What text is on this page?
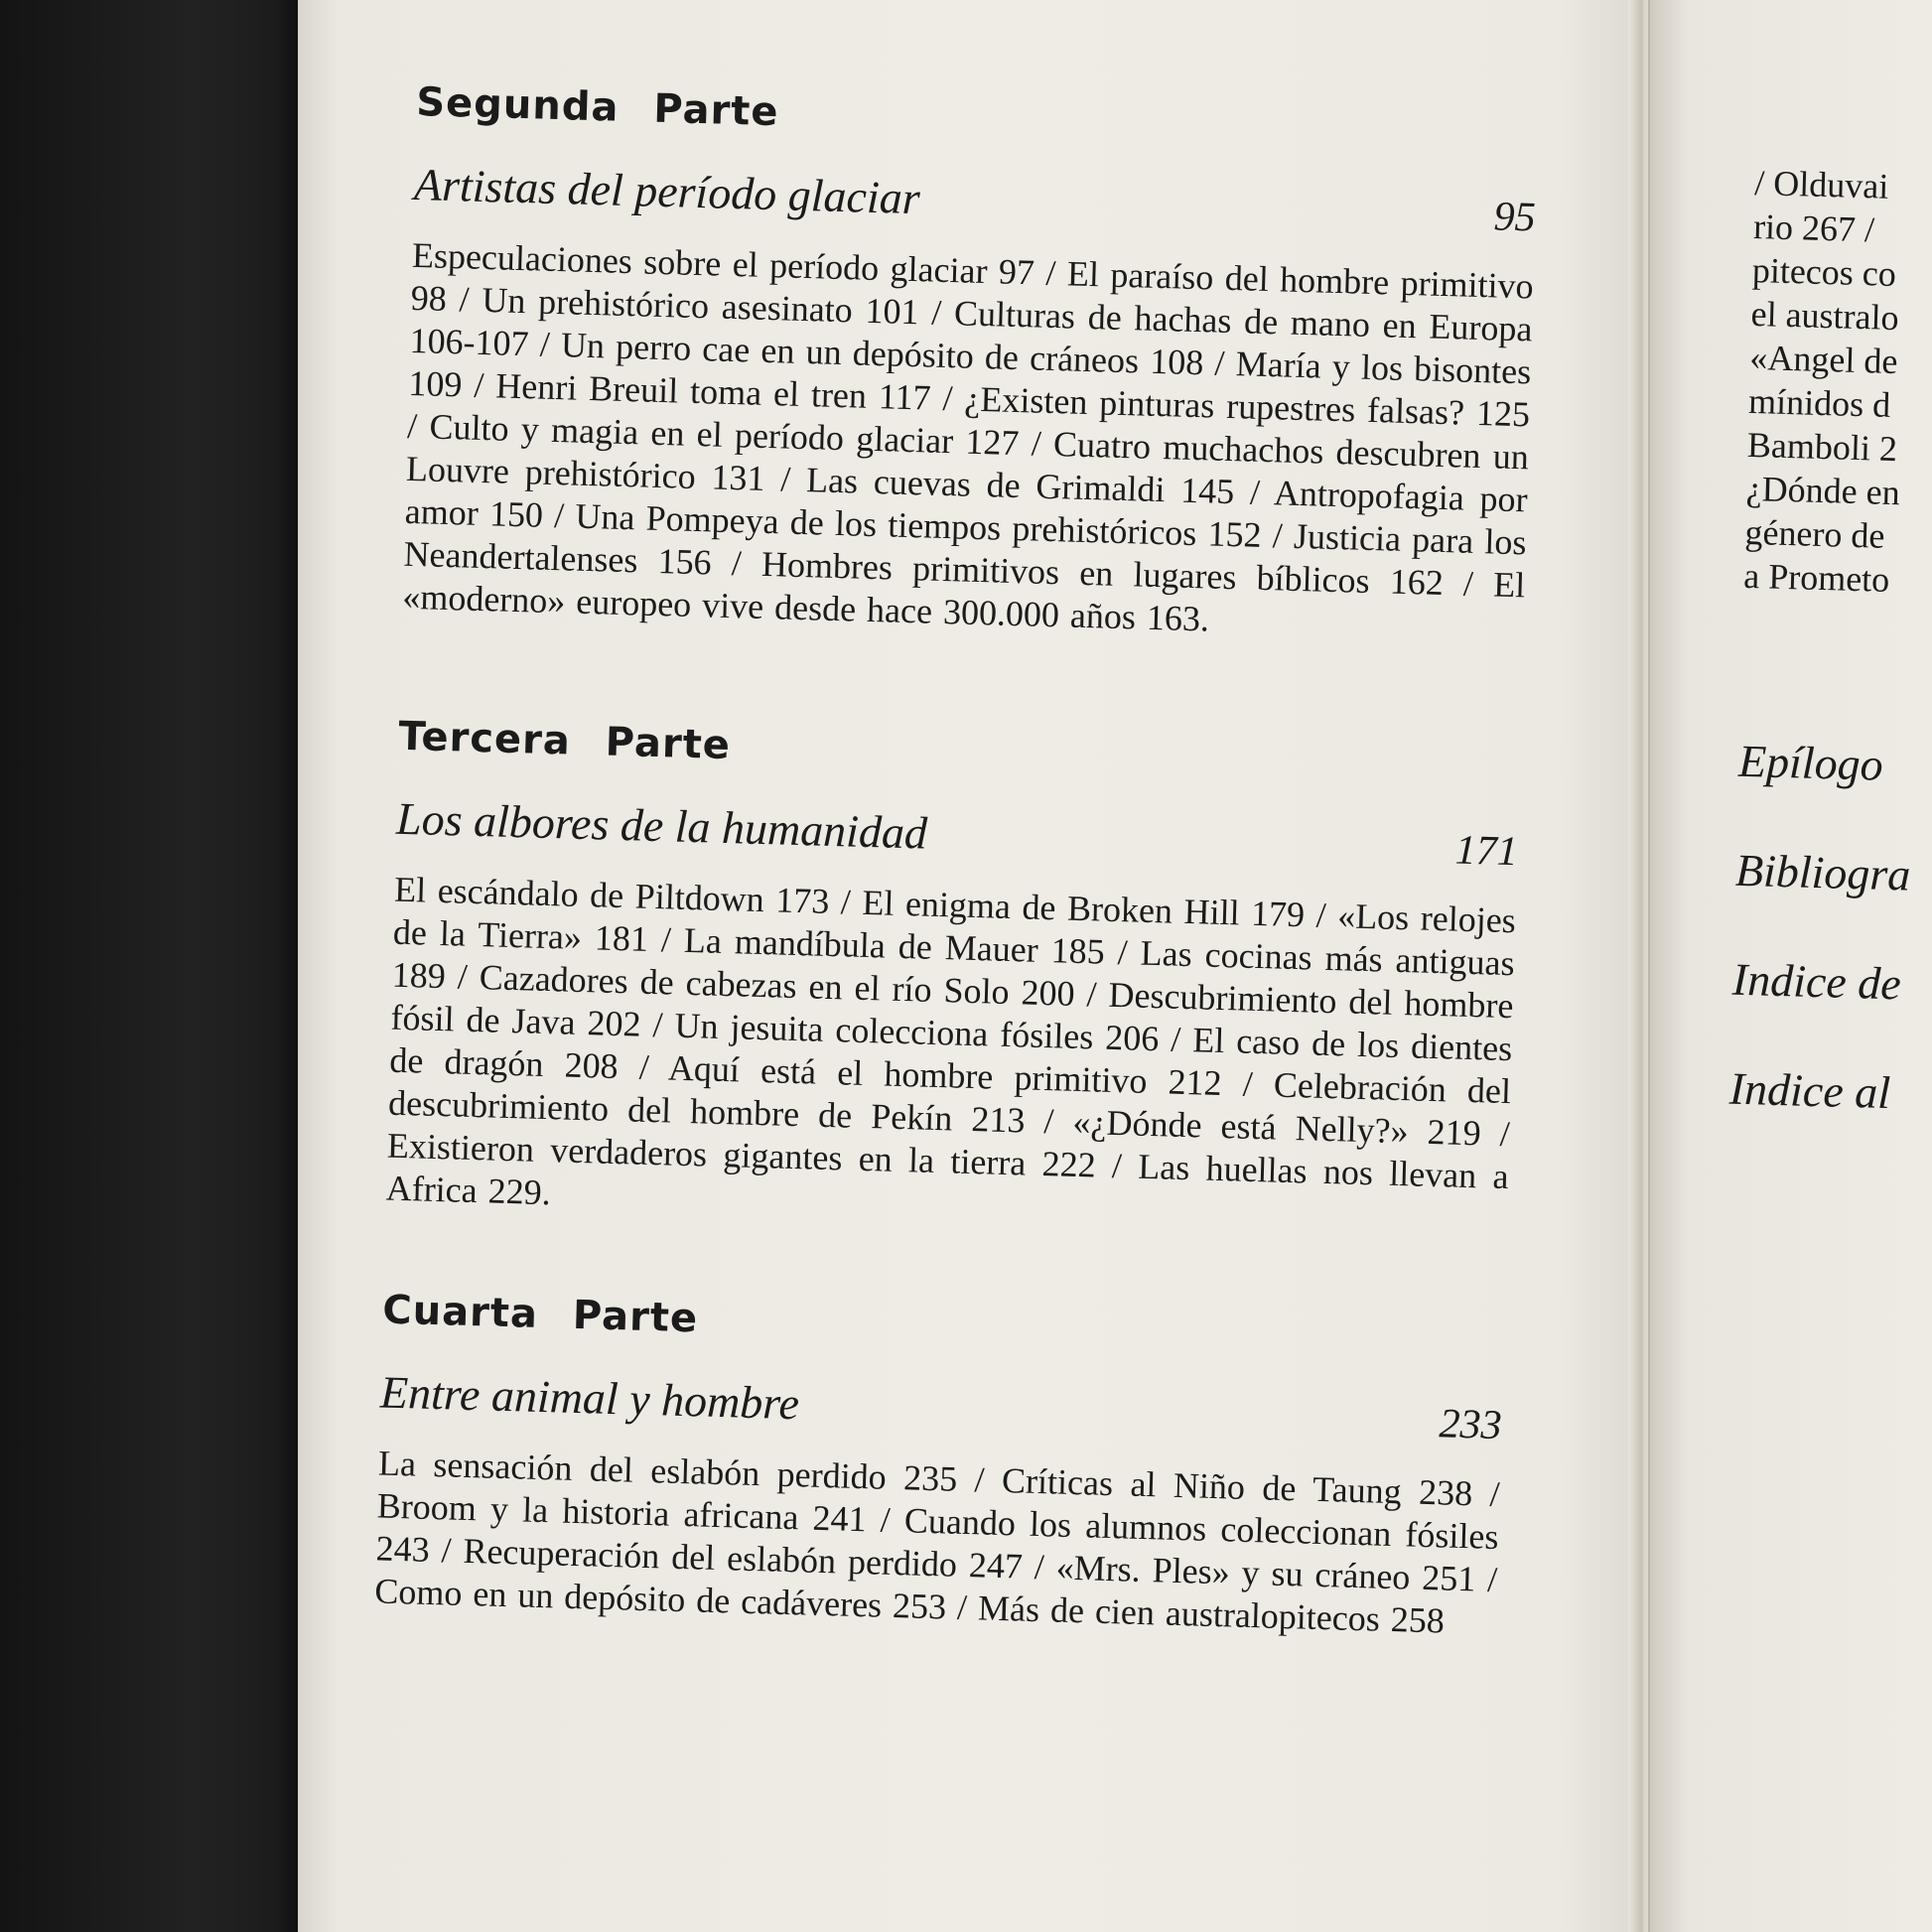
Segunda Parte

Artistas del período glaciar	95
Especulaciones sobre el período glaciar 97 / El paraíso del hombre primitivo 98 / Un prehistórico asesinato 101 / Culturas de hachas de mano en Europa 106-107 / Un perro cae en un depósito de cráneos 108 / María y los bisontes 109 / Henri Breuil toma el tren 117 / ¿Existen pinturas rupestres falsas? 125 / Culto y magia en el período glaciar 127 / Cuatro muchachos descubren un Louvre prehistórico 131 / Las cuevas de Grimaldi 145 / Antropofagia por amor 150 / Una Pompeya de los tiempos prehistóricos 152 / Justicia para los Neandertalenses 156 / Hombres primitivos en lugares bíblicos 162 / El «moderno» europeo vive desde hace 300.000 años 163.
Tercera Parte

Los albores de la humanidad	171
El escándalo de Piltdown 173 / El enigma de Broken Hill 179 / «Los relojes de la Tierra» 181 / La mandíbula de Mauer 185 / Las cocinas más antiguas 189 / Cazadores de cabezas en el río Solo 200 / Descubrimiento del hombre fósil de Java 202 / Un jesuita colecciona fósiles 206 / El caso de los dientes de dragón 208 / Aquí está el hombre primitivo 212 / Celebración del descubrimiento del hombre de Pekín 213 / «¿Dónde está Nelly?» 219 / Existieron verdaderos gigantes en la tierra 222 / Las huellas nos llevan a Africa 229.
Cuarta Parte

Entre animal y hombre	233
La sensación del eslabón perdido 235 / Críticas al Niño de Taung 238 / Broom y la historia africana 241 / Cuando los alumnos coleccionan fósiles 243 / Recuperación del eslabón perdido 247 / «Mrs. Ples» y su cráneo 251 / Como en un depósito de cadáveres 253 / Más de cien australopitecos 258
/ Olduvai
rio 267 /
pitecos co
el australo
«Angel de
mínidos d
Bamboli 2
¿Dónde en
género de
a Prometo
Epílogo
Bibliogra
Indice de
Indice al
